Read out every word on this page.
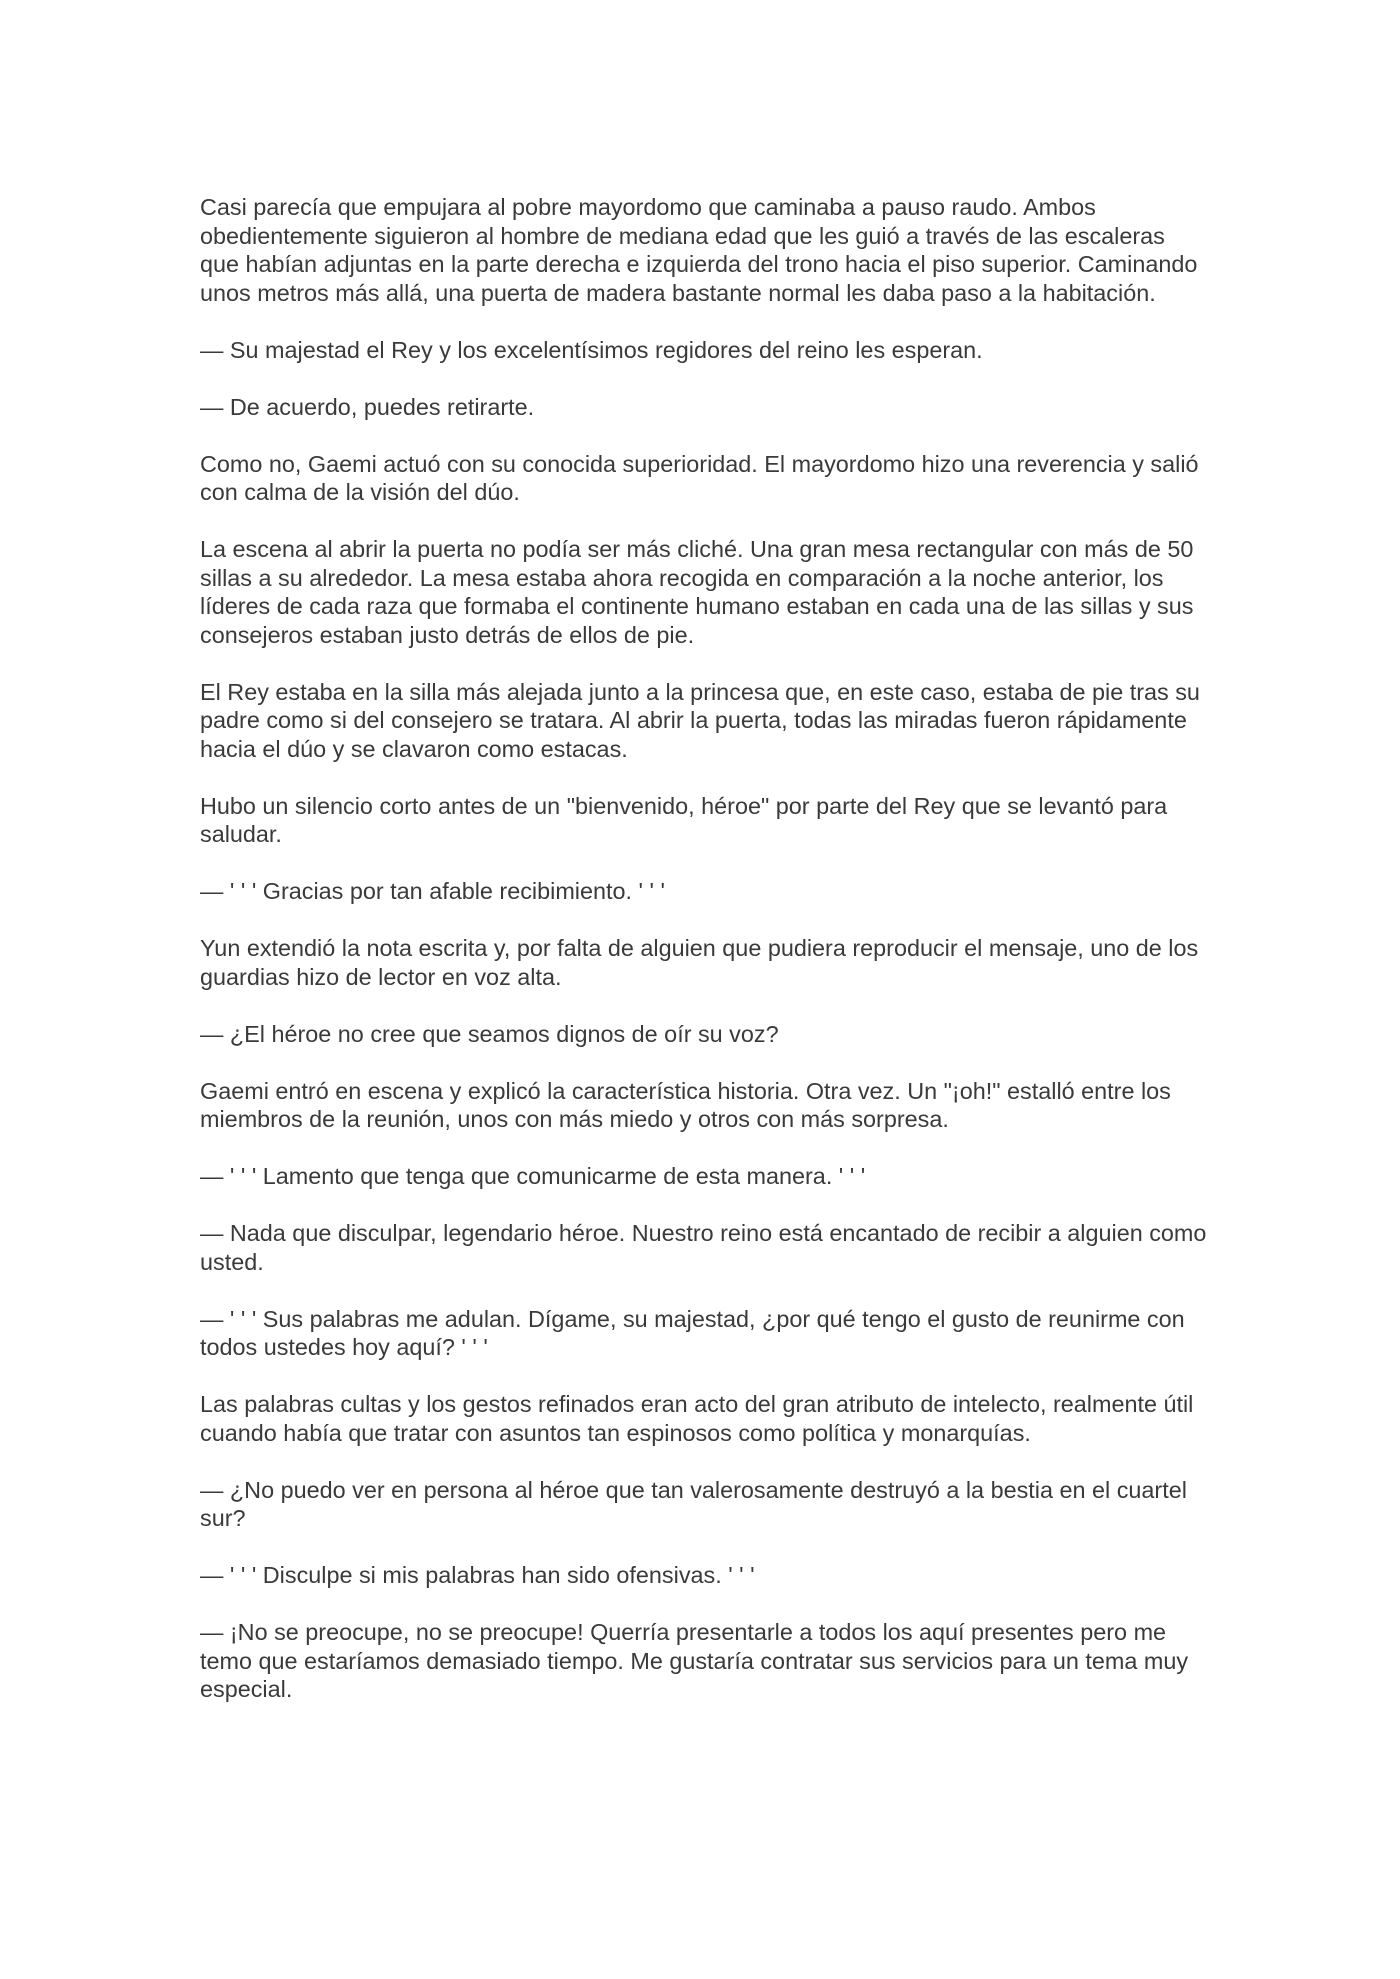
Casi parecía que empujara al pobre mayordomo que caminaba a pauso raudo. Ambos obedientemente siguieron al hombre de mediana edad que les guió a través de las escaleras que habían adjuntas en la parte derecha e izquierda del trono hacia el piso superior. Caminando unos metros más allá, una puerta de madera bastante normal les daba paso a la habitación.

— Su majestad el Rey y los excelentísimos regidores del reino les esperan.

— De acuerdo, puedes retirarte.

Como no, Gaemi actuó con su conocida superioridad. El mayordomo hizo una reverencia y salió con calma de la visión del dúo.

La escena al abrir la puerta no podía ser más cliché. Una gran mesa rectangular con más de 50 sillas a su alrededor. La mesa estaba ahora recogida en comparación a la noche anterior, los líderes de cada raza que formaba el continente humano estaban en cada una de las sillas y sus consejeros estaban justo detrás de ellos de pie.

El Rey estaba en la silla más alejada junto a la princesa que, en este caso, estaba de pie tras su padre como si del consejero se tratara. Al abrir la puerta, todas las miradas fueron rápidamente hacia el dúo y se clavaron como estacas.

Hubo un silencio corto antes de un "bienvenido, héroe" por parte del Rey que se levantó para saludar.

— ' ' ' Gracias por tan afable recibimiento. ' ' '

Yun extendió la nota escrita y, por falta de alguien que pudiera reproducir el mensaje, uno de los guardias hizo de lector en voz alta.

— ¿El héroe no cree que seamos dignos de oír su voz?

Gaemi entró en escena y explicó la característica historia. Otra vez. Un "¡oh!" estalló entre los miembros de la reunión, unos con más miedo y otros con más sorpresa.

— ' ' ' Lamento que tenga que comunicarme de esta manera. ' ' '

— Nada que disculpar, legendario héroe. Nuestro reino está encantado de recibir a alguien como usted.

— ' ' ' Sus palabras me adulan. Dígame, su majestad, ¿por qué tengo el gusto de reunirme con todos ustedes hoy aquí? ' ' '

Las palabras cultas y los gestos refinados eran acto del gran atributo de intelecto, realmente útil cuando había que tratar con asuntos tan espinosos como política y monarquías.

— ¿No puedo ver en persona al héroe que tan valerosamente destruyó a la bestia en el cuartel sur?

— ' ' ' Disculpe si mis palabras han sido ofensivas. ' ' '

— ¡No se preocupe, no se preocupe! Querría presentarle a todos los aquí presentes pero me temo que estaríamos demasiado tiempo. Me gustaría contratar sus servicios para un tema muy especial.
